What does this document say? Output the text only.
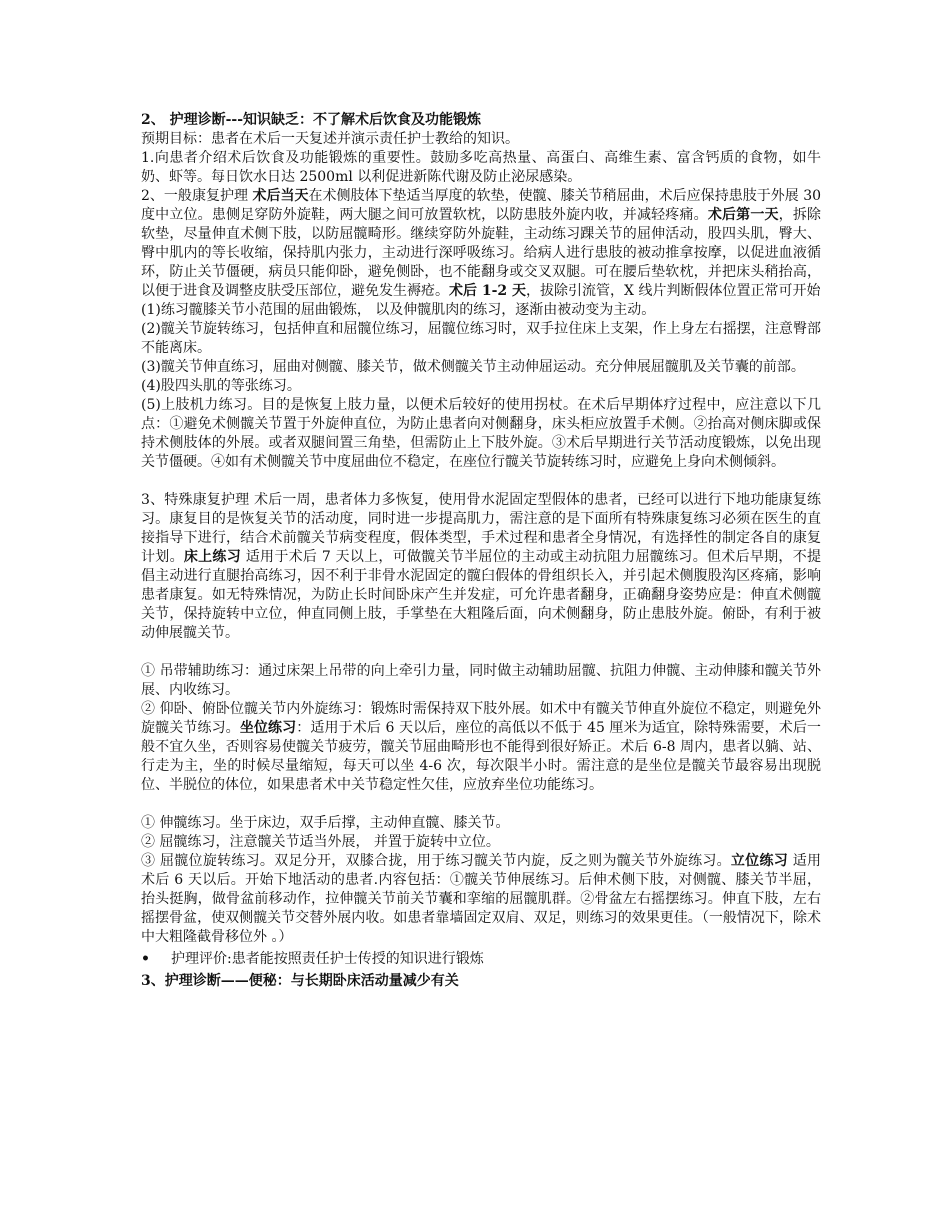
2、 护理诊断---知识缺乏：不了解术后饮食及功能锻炼

预期目标：患者在术后一天复述并演示责任护士教给的知识。

1.向患者介绍术后饮食及功能锻炼的重要性。鼓励多吃高热量、高蛋白、高维生素、富含钙质的食物，如牛奶、虾等。每日饮水日达 2500ml 以利促进新陈代谢及防止泌尿感染。

2、一般康复护理 术后当天在术侧肢体下垫适当厚度的软垫，使髋、膝关节稍屈曲，术后应保持患肢于外展 30 度中立位。患侧足穿防外旋鞋，两大腿之间可放置软枕，以防患肢外旋内收，并减轻疼痛。术后第一天，拆除软垫，尽量伸直术侧下肢，以防屈髋畸形。继续穿防外旋鞋，主动练习踝关节的屈伸活动，股四头肌，臀大、臀中肌内的等长收缩，保持肌内张力，主动进行深呼吸练习。给病人进行患肢的被动推拿按摩，以促进血液循环，防止关节僵硬，病员只能仰卧，避免侧卧，也不能翻身或交叉双腿。可在腰后垫软枕，并把床头稍抬高，以便于进食及调整皮肤受压部位，避免发生褥疮。术后 1-2 天，拔除引流管，X 线片判断假体位置正常可开始

(1)练习髋膝关节小范围的屈曲锻炼， 以及伸髋肌肉的练习，逐渐由被动变为主动。

(2)髋关节旋转练习，包括伸直和屈髋位练习，屈髋位练习时，双手拉住床上支架，作上身左右摇摆，注意臀部不能离床。

(3)髋关节伸直练习，屈曲对侧髋、膝关节，做术侧髋关节主动伸屈运动。充分伸展屈髋肌及关节囊的前部。

(4)股四头肌的等张练习。

(5)上肢机力练习。目的是恢复上肢力量，以便术后较好的使用拐杖。在术后早期体疗过程中，应注意以下几点：①避免术侧髋关节置于外旋伸直位，为防止患者向对侧翻身，床头柜应放置手术侧。②抬高对侧床脚或保持术侧肢体的外展。或者双腿间置三角垫，但需防止上下肢外旋。③术后早期进行关节活动度锻炼，以免出现关节僵硬。④如有术侧髋关节中度屈曲位不稳定，在座位行髋关节旋转练习时，应避免上身向术侧倾斜。

3、特殊康复护理 术后一周，患者体力多恢复，使用骨水泥固定型假体的患者，已经可以进行下地功能康复练习。康复目的是恢复关节的活动度，同时进一步提高肌力，需注意的是下面所有特殊康复练习必须在医生的直接指导下进行，结合术前髋关节病变程度，假体类型，手术过程和患者全身情况，有选择性的制定各自的康复计划。床上练习 适用于术后 7 天以上，可做髋关节半屈位的主动或主动抗阻力屈髋练习。但术后早期，不提倡主动进行直腿抬高练习，因不利于非骨水泥固定的髋臼假体的骨组织长入，并引起术侧腹股沟区疼痛，影响患者康复。如无特殊情况，为防止长时间卧床产生并发症，可允许患者翻身，正确翻身姿势应是：伸直术侧髋关节，保持旋转中立位，伸直同侧上肢，手掌垫在大粗隆后面，向术侧翻身，防止患肢外旋。俯卧，有利于被动伸展髋关节。

① 吊带辅助练习：通过床架上吊带的向上牵引力量，同时做主动辅助屈髋、抗阻力伸髋、主动伸膝和髋关节外展、内收练习。

② 仰卧、俯卧位髋关节内外旋练习：锻炼时需保持双下肢外展。如术中有髋关节伸直外旋位不稳定，则避免外旋髋关节练习。坐位练习：适用于术后 6 天以后，座位的高低以不低于 45 厘米为适宜，除特殊需要，术后一般不宜久坐，否则容易使髋关节疲劳，髋关节屈曲畸形也不能得到很好矫正。术后 6-8 周内，患者以躺、站、行走为主，坐的时候尽量缩短，每天可以坐 4-6 次，每次限半小时。需注意的是坐位是髋关节最容易出现脱位、半脱位的体位，如果患者术中关节稳定性欠佳，应放弃坐位功能练习。

① 伸髋练习。坐于床边，双手后撑，主动伸直髋、膝关节。

② 屈髋练习，注意髋关节适当外展， 并置于旋转中立位。

③ 屈髋位旋转练习。双足分开，双膝合拢，用于练习髋关节内旋，反之则为髋关节外旋练习。立位练习 适用术后 6 天以后。开始下地活动的患者.内容包括：①髋关节伸展练习。后伸术侧下肢，对侧髋、膝关节半屈，抬头挺胸，做骨盆前移动作，拉伸髋关节前关节囊和挛缩的屈髋肌群。②骨盆左右摇摆练习。伸直下肢，左右摇摆骨盆，使双侧髋关节交替外展内收。如患者靠墙固定双肩、双足，则练习的效果更佳。（一般情况下，除术中大粗隆截骨移位外 。）

•	护理评价:患者能按照责任护士传授的知识进行锻炼
3、护理诊断——便秘：与长期卧床活动量减少有关
